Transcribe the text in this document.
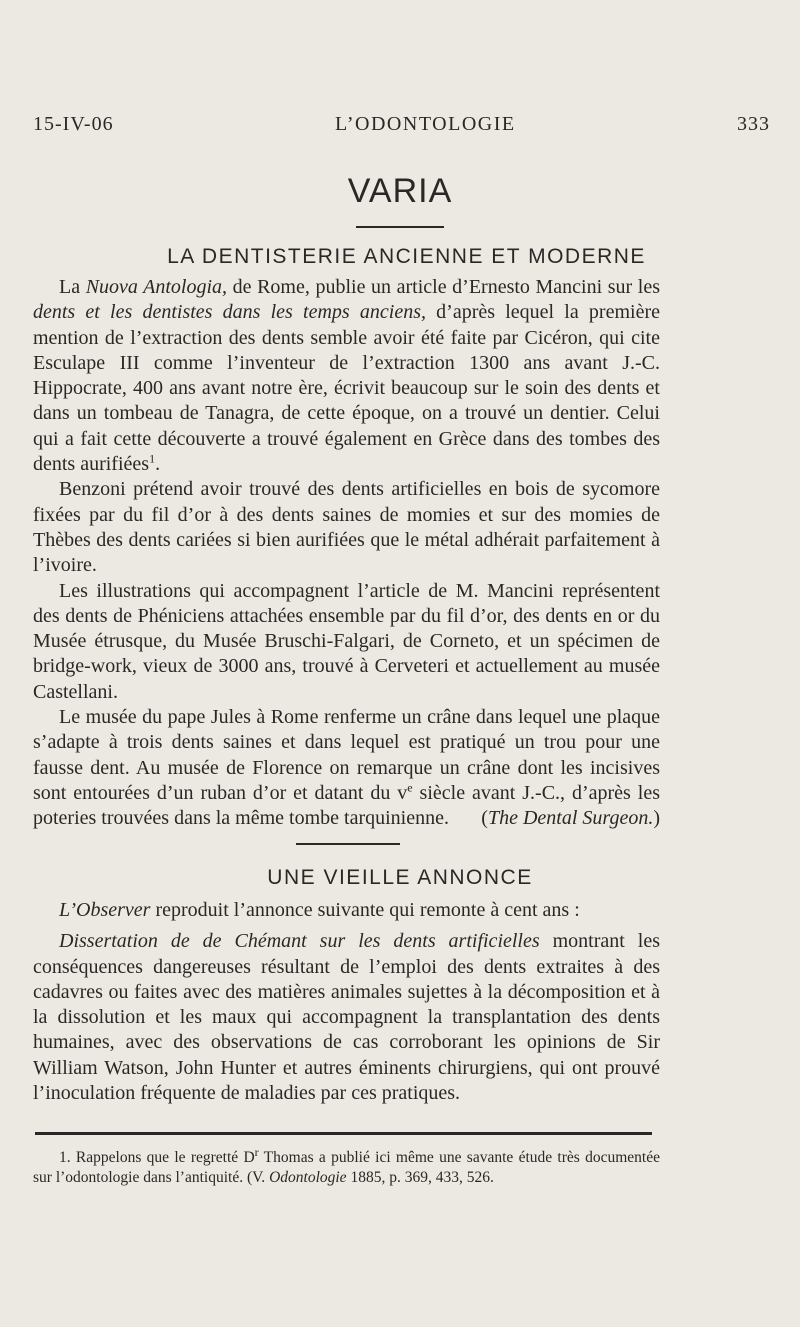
15-IV-06	L’ODONTOLOGIE	333
VARIA
LA DENTISTERIE ANCIENNE ET MODERNE

La Nuova Antologia, de Rome, publie un article d’Ernesto Mancini sur les dents et les dentistes dans les temps anciens, d’après lequel la première mention de l’extraction des dents semble avoir été faite par Cicéron, qui cite Esculape III comme l’inventeur de l’extraction 1300 ans avant J.-C. Hippocrate, 400 ans avant notre ère, écrivit beaucoup sur le soin des dents et dans un tombeau de Tanagra, de cette époque, on a trouvé un dentier. Celui qui a fait cette découverte a trouvé également en Grèce dans des tombes des dents aurifiées$^1$.

Benzoni prétend avoir trouvé des dents artificielles en bois de sycomore fixées par du fil d’or à des dents saines de momies et sur des momies de Thèbes des dents cariées si bien aurifiées que le métal adhérait parfaitement à l’ivoire.

Les illustrations qui accompagnent l’article de M. Mancini représentent des dents de Phéniciens attachées ensemble par du fil d’or, des dents en or du Musée étrusque, du Musée Bruschi-Falgari, de Corneto, et un spécimen de bridge-work, vieux de 3000 ans, trouvé à Cerveteri et actuellement au musée Castellani.

Le musée du pape Jules à Rome renferme un crâne dans lequel une plaque s’adapte à trois dents saines et dans lequel est pratiqué un trou pour une fausse dent. Au musée de Florence on remarque un crâne dont les incisives sont entourées d’un ruban d’or et datant du $v^e$ siècle avant J.-C., d’après les poteries trouvées dans la même tombe tarquinienne.	(The Dental Surgeon.)

UNE VIEILLE ANNONCE

L’Observer reproduit l’annonce suivante qui remonte à cent ans :

Dissertation de de Chémant sur les dents artificielles montrant les conséquences dangereuses résultant de l’emploi des dents extraites à des cadavres ou faites avec des matières animales sujettes à la décomposition et à la dissolution et les maux qui accompagnent la transplantation des dents humaines, avec des observations de cas corroborant les opinions de Sir William Watson, John Hunter et autres éminents chirurgiens, qui ont prouvé l’inoculation fréquente de maladies par ces pratiques.

1. Rappelons que le regretté $D^r$ Thomas a publié ici même une savante étude très documentée sur l’odontologie dans l’antiquité. (V. Odontologie 1885, p. 369, 433, 526.
